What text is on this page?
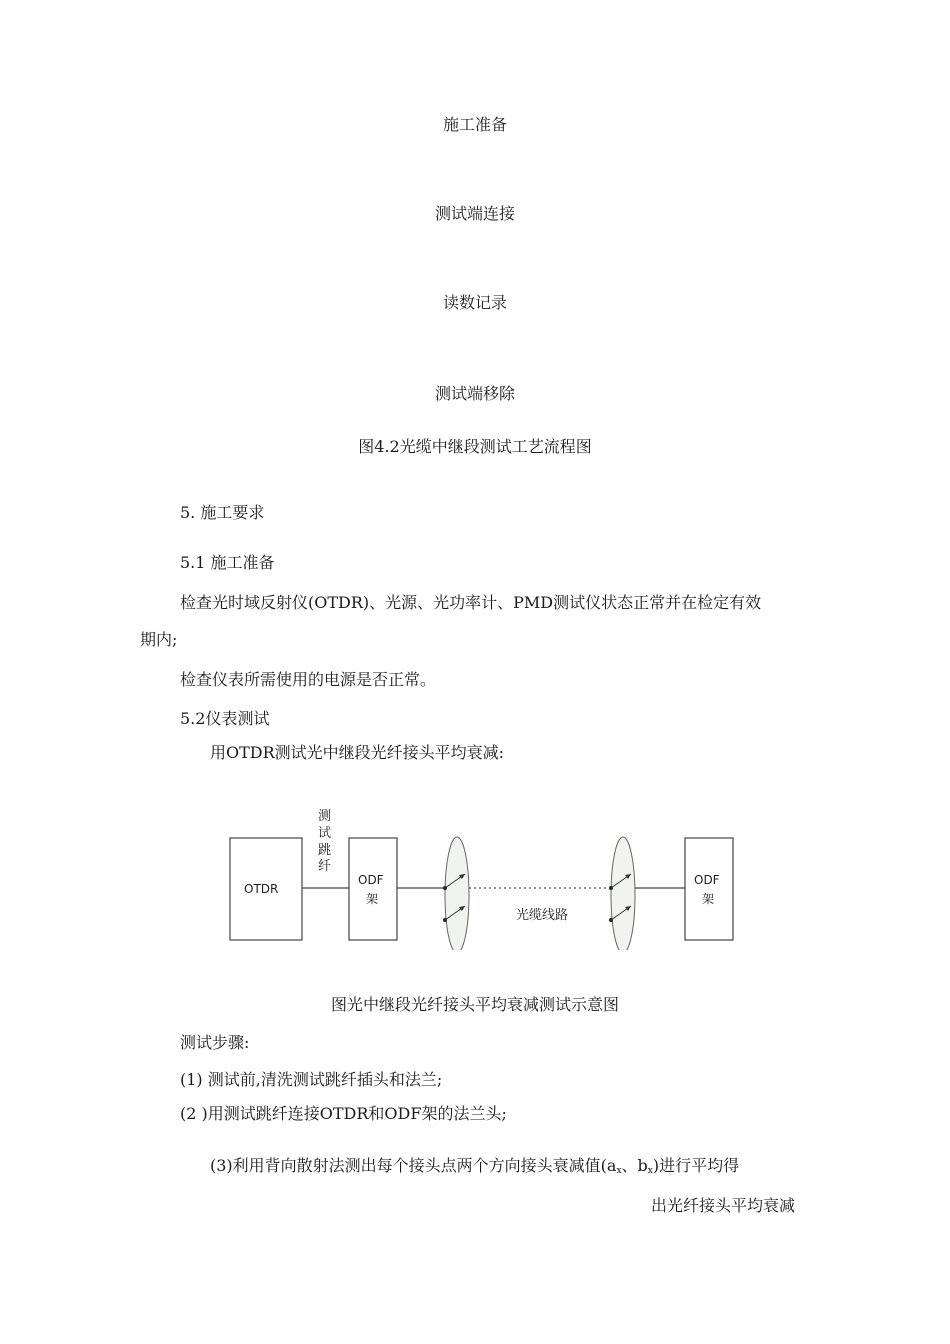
施工准备

测试端连接

读数记录

测试端移除

图4.2光缆中继段测试工艺流程图

5. 施工要求

5.1 施工准备

检查光时域反射仪(OTDR)、光源、光功率计、PMD测试仪状态正常并在检定有效

期内;

检查仪表所需使用的电源是否正常。

5.2仪表测试

用OTDR测试光中继段光纤接头平均衰减:

OTDR
测
试
跳
纤
ODF
架
光缆线路
ODF
架

图光中继段光纤接头平均衰减测试示意图

测试步骤:

(1) 测试前,清洗测试跳纤插头和法兰;

(2 )用测试跳纤连接OTDR和ODF架的法兰头;

(3)利用背向散射法测出每个接头点两个方向接头衰减值($a_x$、$b_x$)进行平均得

出光纤接头平均衰减
